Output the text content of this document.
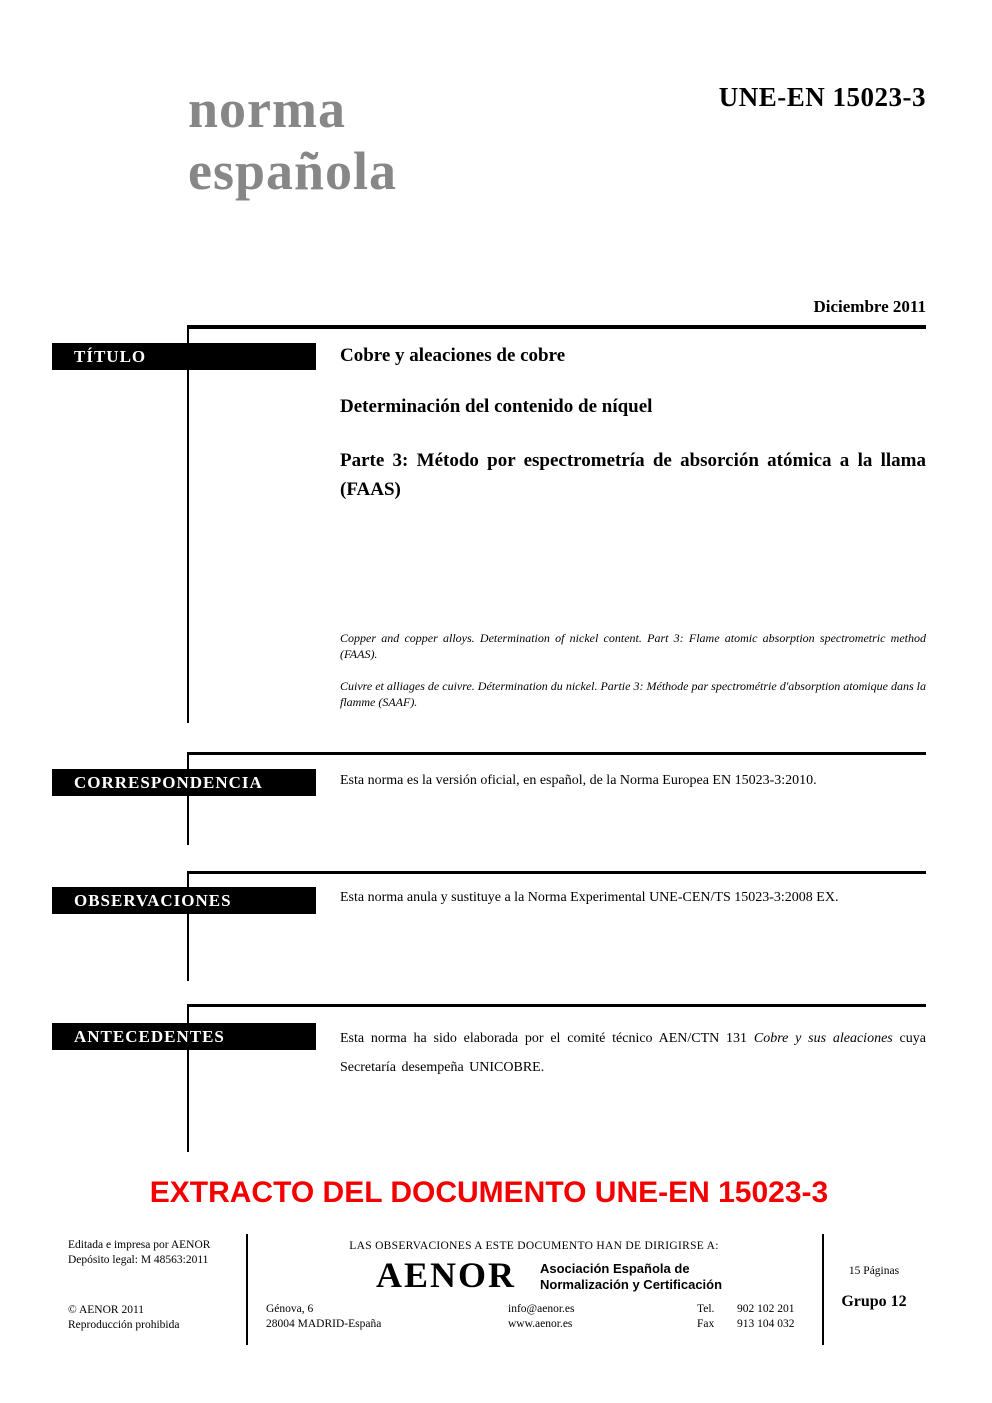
norma
española
UNE-EN 15023-3
Diciembre 2011
TÍTULO
CORRESPONDENCIA
OBSERVACIONES
ANTECEDENTES
Cobre y aleaciones de cobre
Determinación del contenido de níquel
Parte 3: Método por espectrometría de absorción atómica a la llama (FAAS)
Copper and copper alloys. Determination of nickel content. Part 3: Flame atomic absorption spectrometric method (FAAS).
Cuivre et alliages de cuivre. Détermination du nickel. Partie 3: Méthode par spectrométrie d'absorption atomique dans la flamme (SAAF).
Esta norma es la versión oficial, en español, de la Norma Europea EN 15023-3:2010.
Esta norma anula y sustituye a la Norma Experimental UNE-CEN/TS 15023-3:2008 EX.
Esta norma ha sido elaborada por el comité técnico AEN/CTN 131 Cobre y sus aleaciones cuya Secretaría desempeña UNICOBRE.
EXTRACTO DEL DOCUMENTO UNE-EN 15023-3
Editada e impresa por AENOR
Depósito legal: M 48563:2011
© AENOR 2011
Reproducción prohibida
LAS OBSERVACIONES A ESTE DOCUMENTO HAN DE DIRIGIRSE A:
AENOR Asociación Española de
Normalización y Certificación
Génova, 6
28004 MADRID-España
info@aenor.es
www.aenor.es
Tel.	902 102 201
Fax	913 104 032
15 Páginas
Grupo 12
